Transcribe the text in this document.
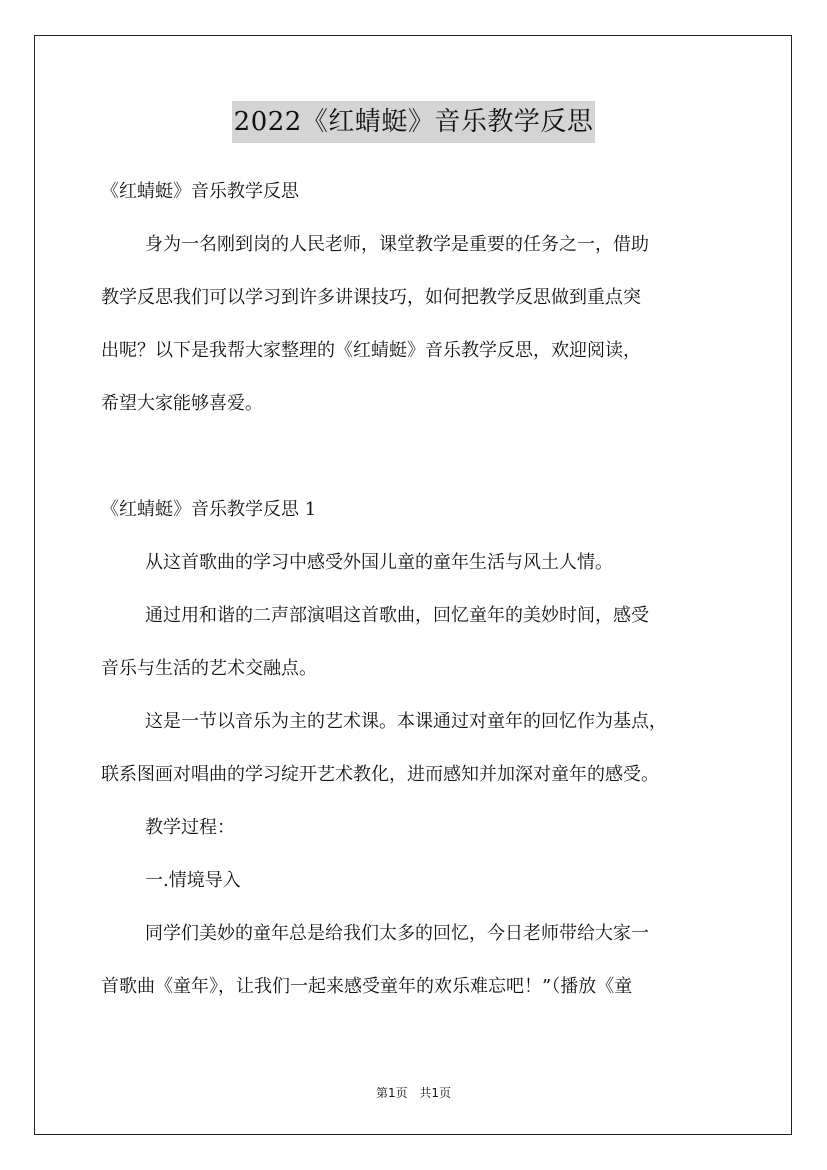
2022《红蜻蜓》音乐教学反思
《红蜻蜓》音乐教学反思
身为一名刚到岗的人民老师，课堂教学是重要的任务之一，借助
教学反思我们可以学习到许多讲课技巧，如何把教学反思做到重点突
出呢？以下是我帮大家整理的《红蜻蜓》音乐教学反思，欢迎阅读，
希望大家能够喜爱。
《红蜻蜓》音乐教学反思 1
从这首歌曲的学习中感受外国儿童的童年生活与风土人情。
通过用和谐的二声部演唱这首歌曲，回忆童年的美妙时间，感受
音乐与生活的艺术交融点。
这是一节以音乐为主的艺术课。本课通过对童年的回忆作为基点，
联系图画对唱曲的学习绽开艺术教化，进而感知并加深对童年的感受。
教学过程：
一.情境导入
同学们美妙的童年总是给我们太多的回忆，今日老师带给大家一
首歌曲《童年》，让我们一起来感受童年的欢乐难忘吧！”（播放《童
第1页 共1页
